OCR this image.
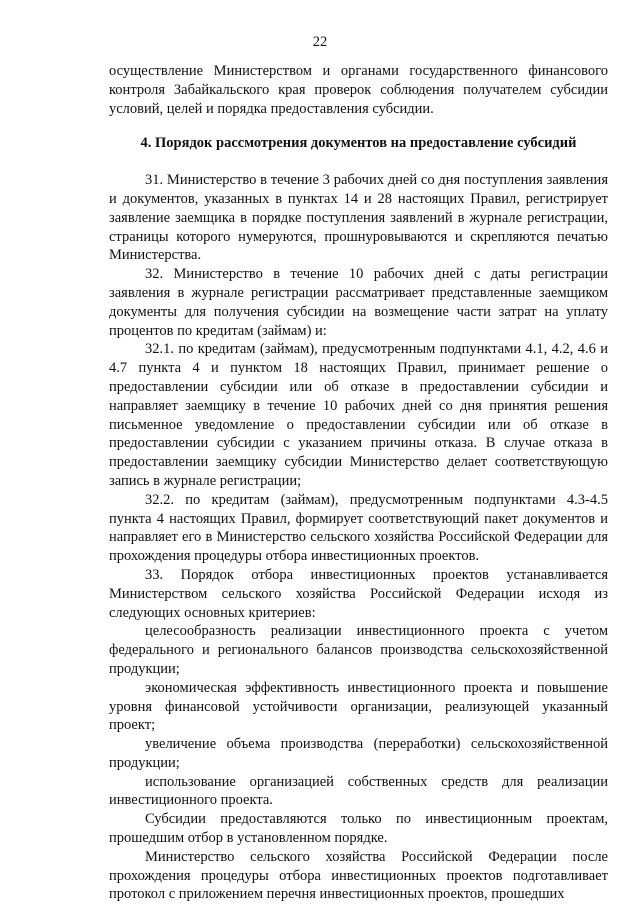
22

осуществление Министерством и органами государственного финансового контроля Забайкальского края проверок соблюдения получателем субсидии условий, целей и порядка предоставления субсидии.

4. Порядок рассмотрения документов на предоставление субсидий

31. Министерство в течение 3 рабочих дней со дня поступления заявления и документов, указанных в пунктах 14 и 28 настоящих Правил, регистрирует заявление заемщика в порядке поступления заявлений в журнале регистрации, страницы которого нумеруются, прошнуровываются и скрепляются печатью Министерства.

32. Министерство в течение 10 рабочих дней с даты регистрации заявления в журнале регистрации рассматривает представленные заемщиком документы для получения субсидии на возмещение части затрат на уплату процентов по кредитам (займам) и:

32.1. по кредитам (займам), предусмотренным подпунктами 4.1, 4.2, 4.6 и 4.7 пункта 4 и пунктом 18 настоящих Правил, принимает решение о предоставлении субсидии или об отказе в предоставлении субсидии и направляет заемщику в течение 10 рабочих дней со дня принятия решения письменное уведомление о предоставлении субсидии или об отказе в предоставлении субсидии с указанием причины отказа. В случае отказа в предоставлении заемщику субсидии Министерство делает соответствующую запись в журнале регистрации;

32.2. по кредитам (займам), предусмотренным подпунктами 4.3-4.5 пункта 4 настоящих Правил, формирует соответствующий пакет документов и направляет его в Министерство сельского хозяйства Российской Федерации для прохождения процедуры отбора инвестиционных проектов.

33. Порядок отбора инвестиционных проектов устанавливается Министерством сельского хозяйства Российской Федерации исходя из следующих основных критериев:

целесообразность реализации инвестиционного проекта с учетом федерального и регионального балансов производства сельскохозяйственной продукции;

экономическая эффективность инвестиционного проекта и повышение уровня финансовой устойчивости организации, реализующей указанный проект;

увеличение объема производства (переработки) сельскохозяйственной продукции;

использование организацией собственных средств для реализации инвестиционного проекта.

Субсидии предоставляются только по инвестиционным проектам, прошедшим отбор в установленном порядке.

Министерство сельского хозяйства Российской Федерации после прохождения процедуры отбора инвестиционных проектов подготавливает протокол с приложением перечня инвестиционных проектов, прошедших
